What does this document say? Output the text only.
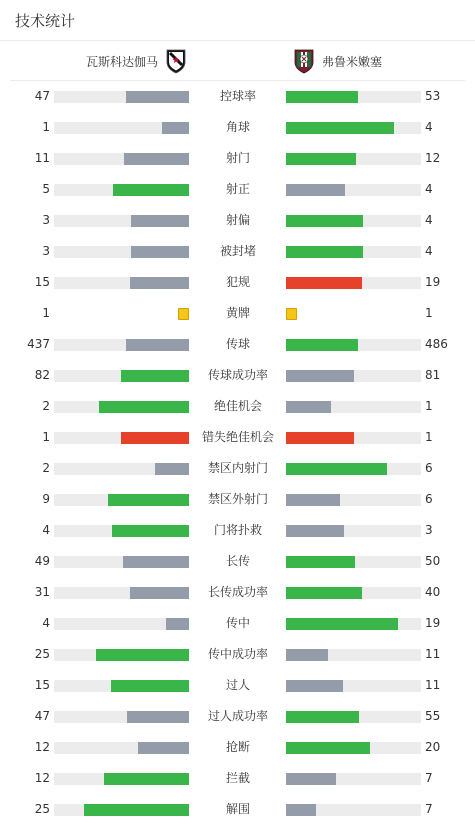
技术统计
瓦斯科达伽马	弗鲁米嫩塞
47	控球率	53
1	角球	4
11	射门	12
5	射正	4
3	射偏	4
3	被封堵	4
15	犯规	19
1	黄牌	1
437	传球	486
82	传球成功率	81
2	绝佳机会	1
1	错失绝佳机会	1
2	禁区内射门	6
9	禁区外射门	6
4	门将扑救	3
49	长传	50
31	长传成功率	40
4	传中	19
25	传中成功率	11
15	过人	11
47	过人成功率	55
12	抢断	20
12	拦截	7
25	解围	7
